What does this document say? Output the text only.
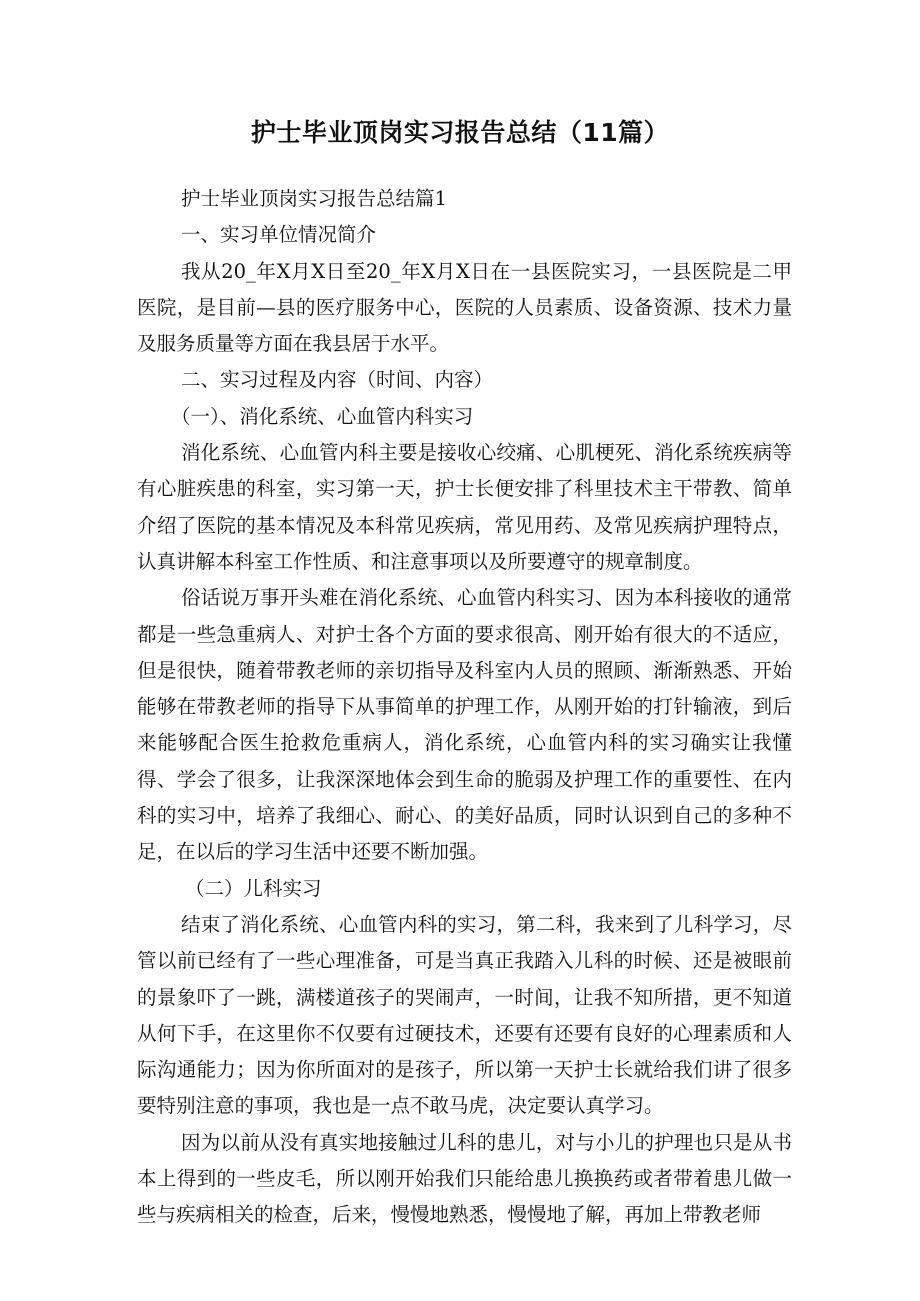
护士毕业顶岗实习报告总结（11篇）

护士毕业顶岗实习报告总结篇1

一、实习单位情况简介

我从20_年X月X日至20_年X月X日在一县医院实习，一县医院是二甲医院，是目前—县的医疗服务中心，医院的人员素质、设备资源、技术力量及服务质量等方面在我县居于水平。

二、实习过程及内容（时间、内容）

（一）、消化系统、心血管内科实习

消化系统、心血管内科主要是接收心绞痛、心肌梗死、消化系统疾病等有心脏疾患的科室，实习第一天，护士长便安排了科里技术主干带教、简单介绍了医院的基本情况及本科常见疾病，常见用药、及常见疾病护理特点，认真讲解本科室工作性质、和注意事项以及所要遵守的规章制度。

俗话说万事开头难在消化系统、心血管内科实习、因为本科接收的通常都是一些急重病人、对护士各个方面的要求很高、刚开始有很大的不适应，但是很快，随着带教老师的亲切指导及科室内人员的照顾、渐渐熟悉、开始能够在带教老师的指导下从事简单的护理工作，从刚开始的打针输液，到后来能够配合医生抢救危重病人，消化系统，心血管内科的实习确实让我懂得、学会了很多，让我深深地体会到生命的脆弱及护理工作的重要性、在内科的实习中，培养了我细心、耐心、的美好品质，同时认识到自己的多种不足，在以后的学习生活中还要不断加强。

（二）儿科实习

结束了消化系统、心血管内科的实习，第二科，我来到了儿科学习，尽管以前已经有了一些心理准备，可是当真正我踏入儿科的时候、还是被眼前的景象吓了一跳，满楼道孩子的哭闹声，一时间，让我不知所措，更不知道从何下手，在这里你不仅要有过硬技术，还要有还要有良好的心理素质和人际沟通能力；因为你所面对的是孩子，所以第一天护士长就给我们讲了很多要特别注意的事项，我也是一点不敢马虎，决定要认真学习。

因为以前从没有真实地接触过儿科的患儿，对与小儿的护理也只是从书本上得到的一些皮毛，所以刚开始我们只能给患儿换换药或者带着患儿做一些与疾病相关的检查，后来，慢慢地熟悉，慢慢地了解，再加上带教老师
